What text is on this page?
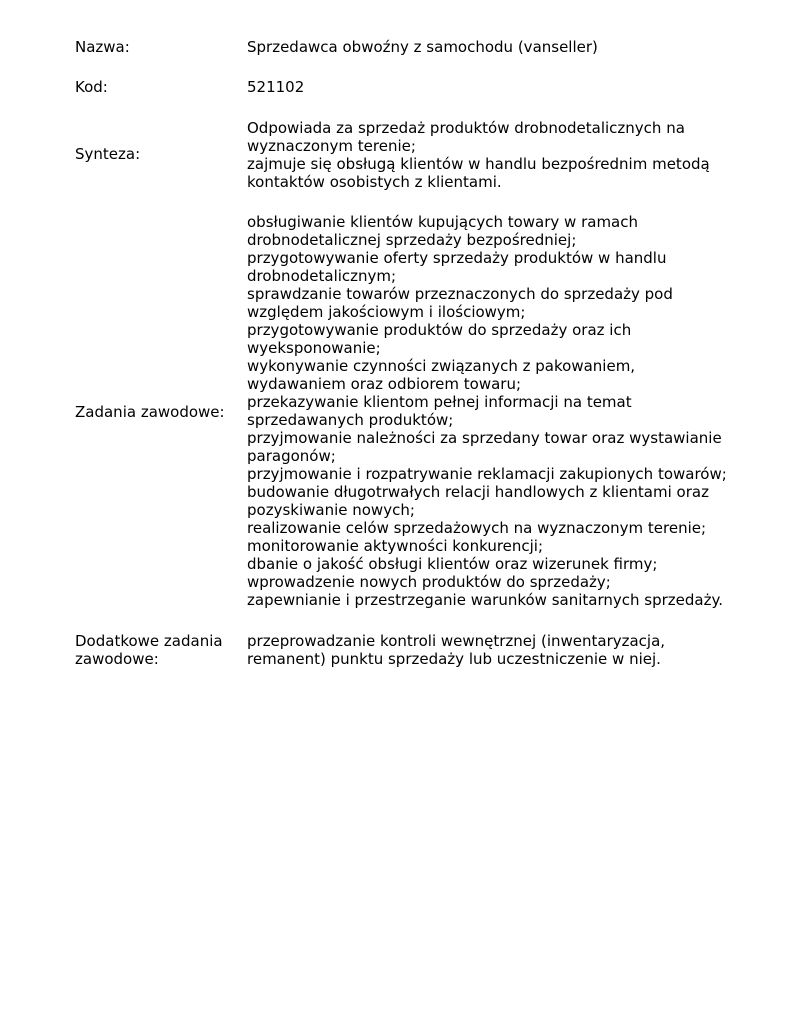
Nazwa:	Sprzedawca obwoźny z samochodu (vanseller)
Kod:	521102
Synteza:
Odpowiada za sprzedaż produktów drobnodetalicznych na
wyznaczonym terenie;
zajmuje się obsługą klientów w handlu bezpośrednim metodą
kontaktów osobistych z klientami.
Zadania zawodowe:
obsługiwanie klientów kupujących towary w ramach
drobnodetalicznej sprzedaży bezpośredniej;
przygotowywanie oferty sprzedaży produktów w handlu
drobnodetalicznym;
sprawdzanie towarów przeznaczonych do sprzedaży pod
względem jakościowym i ilościowym;
przygotowywanie produktów do sprzedaży oraz ich
wyeksponowanie;
wykonywanie czynności związanych z pakowaniem,
wydawaniem oraz odbiorem towaru;
przekazywanie klientom pełnej informacji na temat
sprzedawanych produktów;
przyjmowanie należności za sprzedany towar oraz wystawianie
paragonów;
przyjmowanie i rozpatrywanie reklamacji zakupionych towarów;
budowanie długotrwałych relacji handlowych z klientami oraz
pozyskiwanie nowych;
realizowanie celów sprzedażowych na wyznaczonym terenie;
monitorowanie aktywności konkurencji;
dbanie o jakość obsługi klientów oraz wizerunek firmy;
wprowadzenie nowych produktów do sprzedaży;
zapewnianie i przestrzeganie warunków sanitarnych sprzedaży.
Dodatkowe zadania
zawodowe:
przeprowadzanie kontroli wewnętrznej (inwentaryzacja,
remanent) punktu sprzedaży lub uczestniczenie w niej.
